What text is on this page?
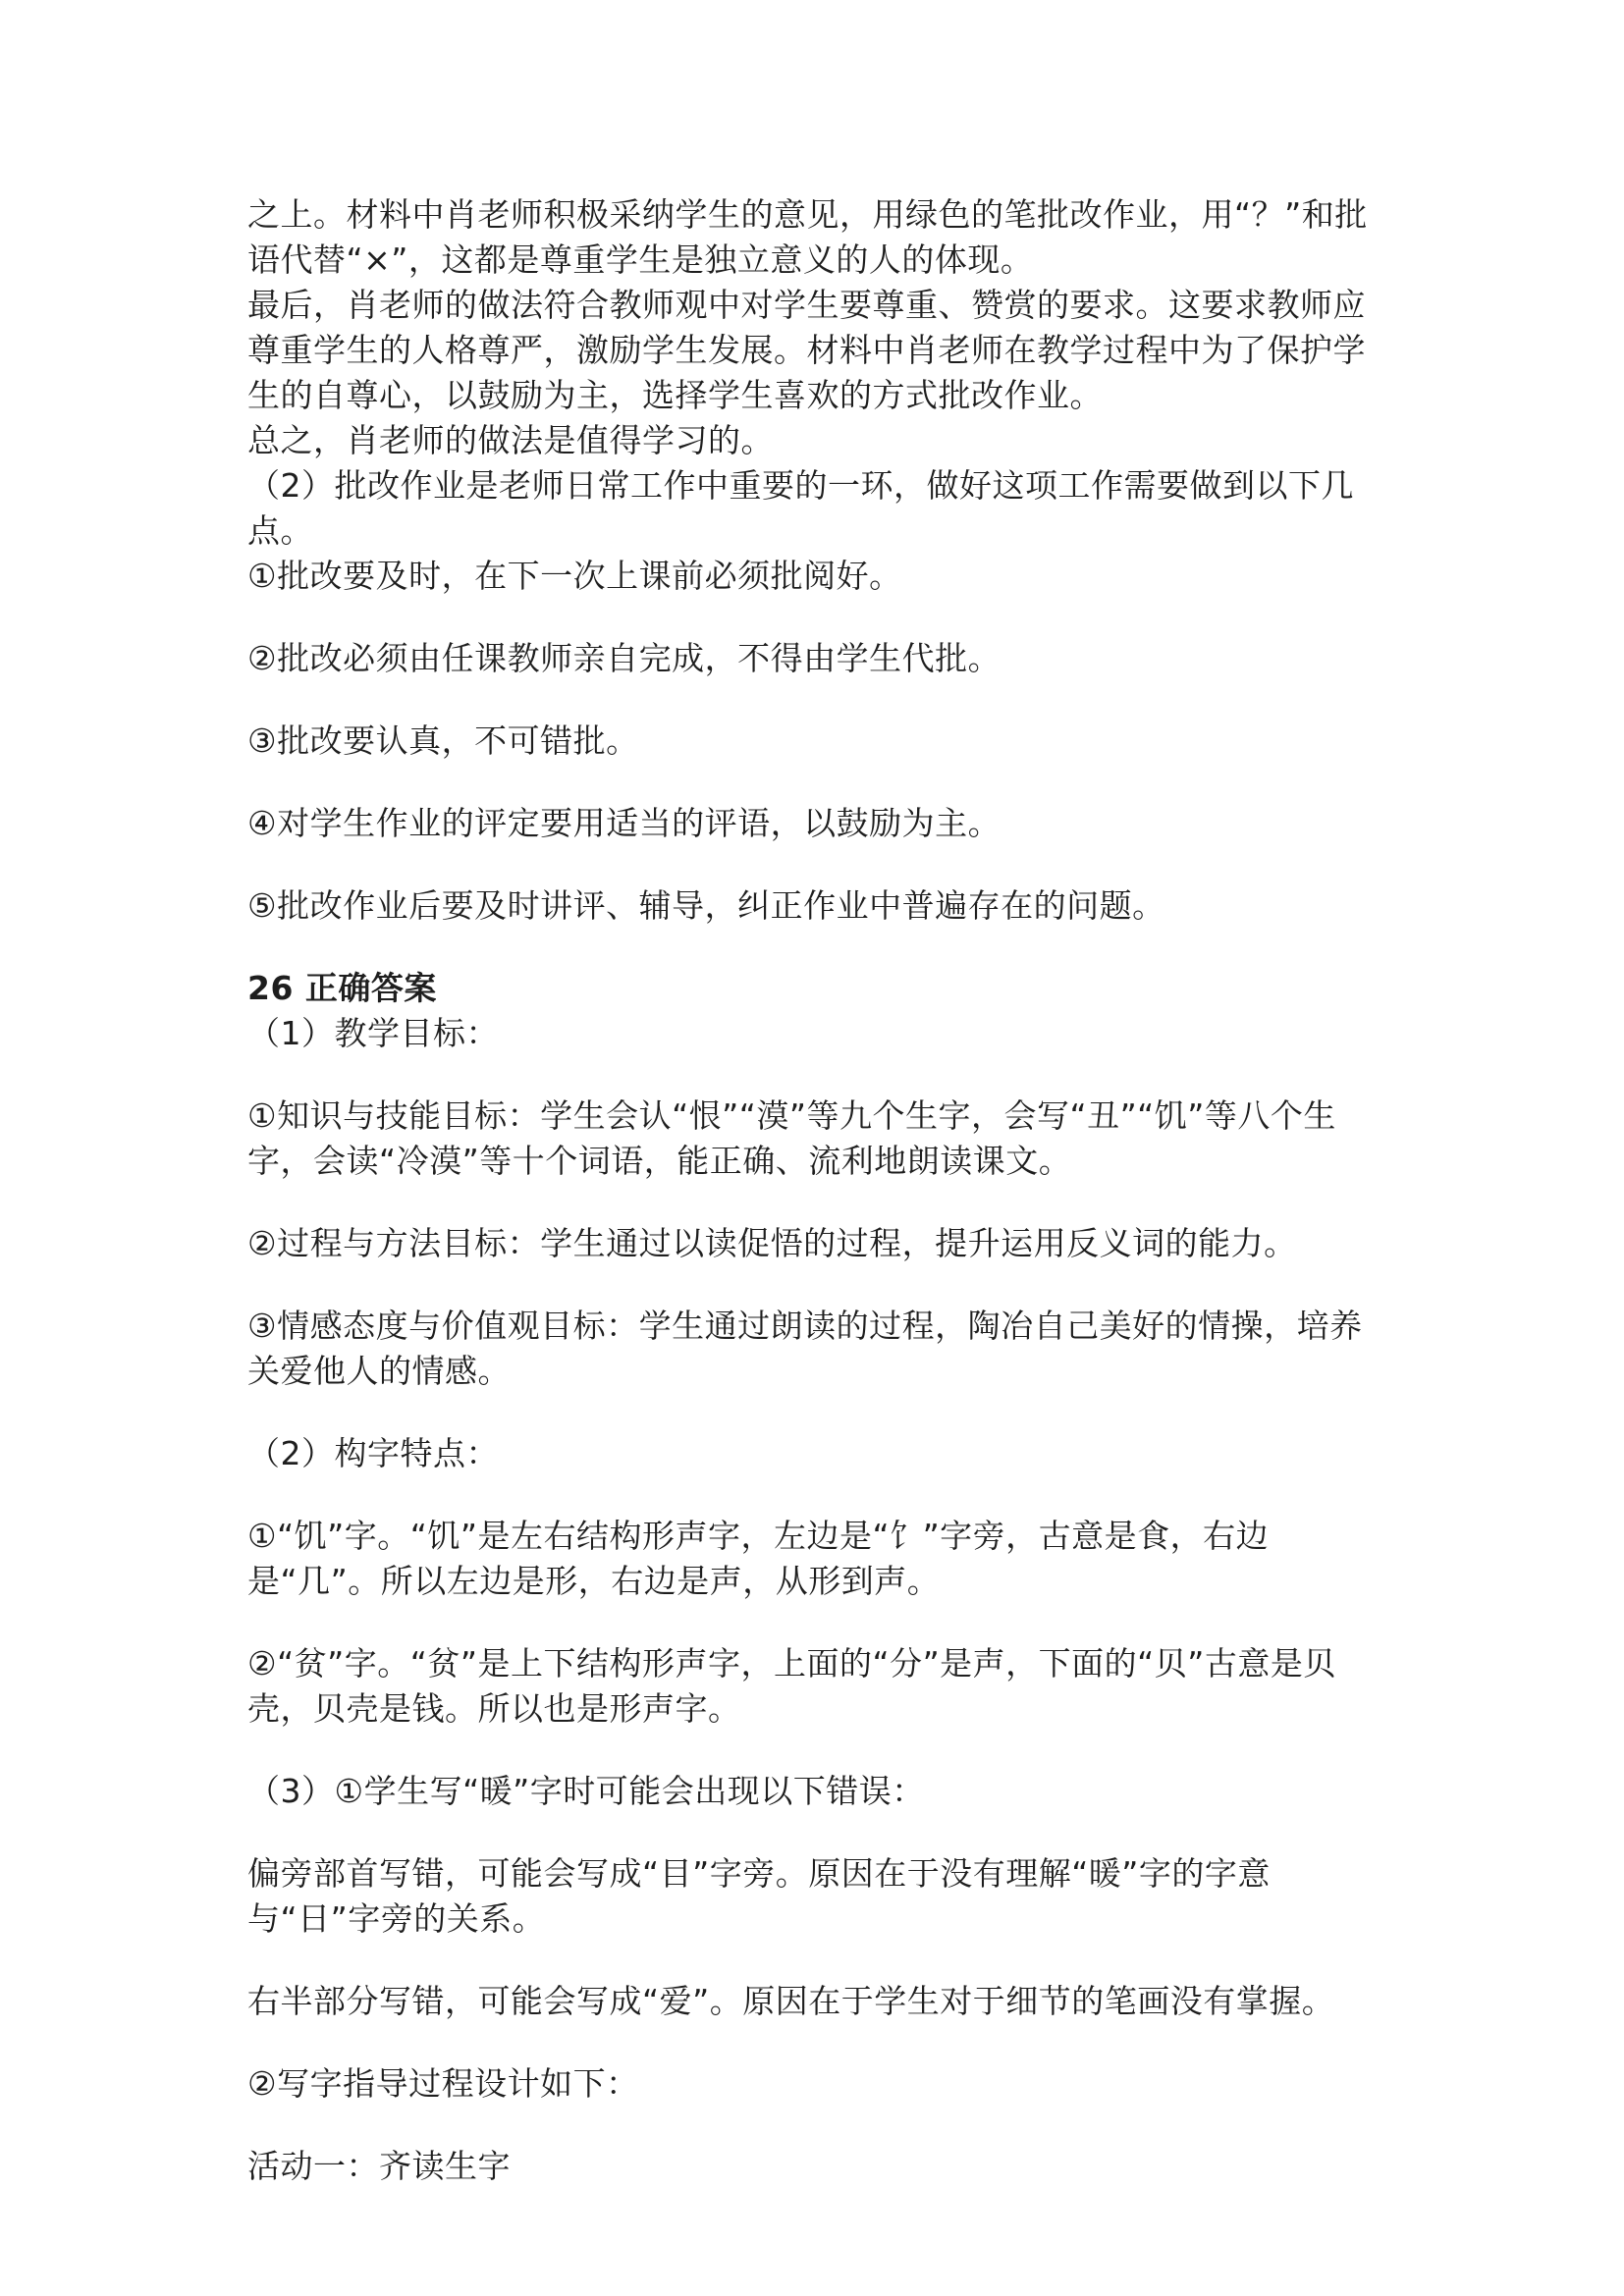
之上。材料中肖老师积极采纳学生的意见，用绿色的笔批改作业，用“？”和批语代替“×”，这都是尊重学生是独立意义的人的体现。

最后，肖老师的做法符合教师观中对学生要尊重、赞赏的要求。这要求教师应尊重学生的人格尊严，激励学生发展。材料中肖老师在教学过程中为了保护学生的自尊心，以鼓励为主，选择学生喜欢的方式批改作业。

总之，肖老师的做法是值得学习的。

（2）批改作业是老师日常工作中重要的一环，做好这项工作需要做到以下几点。

①批改要及时，在下一次上课前必须批阅好。

②批改必须由任课教师亲自完成，不得由学生代批。

③批改要认真，不可错批。

④对学生作业的评定要用适当的评语，以鼓励为主。

⑤批改作业后要及时讲评、辅导，纠正作业中普遍存在的问题。

26 正确答案

（1）教学目标：

①知识与技能目标：学生会认“恨”“漠”等九个生字，会写“丑”“饥”等八个生字，会读“冷漠”等十个词语，能正确、流利地朗读课文。

②过程与方法目标：学生通过以读促悟的过程，提升运用反义词的能力。

③情感态度与价值观目标：学生通过朗读的过程，陶冶自己美好的情操，培养关爱他人的情感。

（2）构字特点：

①“饥”字。“饥”是左右结构形声字，左边是“饣”字旁，古意是食，右边是“几”。所以左边是形，右边是声，从形到声。

②“贫”字。“贫”是上下结构形声字，上面的“分”是声，下面的“贝”古意是贝壳，贝壳是钱。所以也是形声字。

（3）①学生写“暖”字时可能会出现以下错误：

偏旁部首写错，可能会写成“目”字旁。原因在于没有理解“暖”字的字意与“日”字旁的关系。

右半部分写错，可能会写成“爱”。原因在于学生对于细节的笔画没有掌握。

②写字指导过程设计如下：

活动一：齐读生字
